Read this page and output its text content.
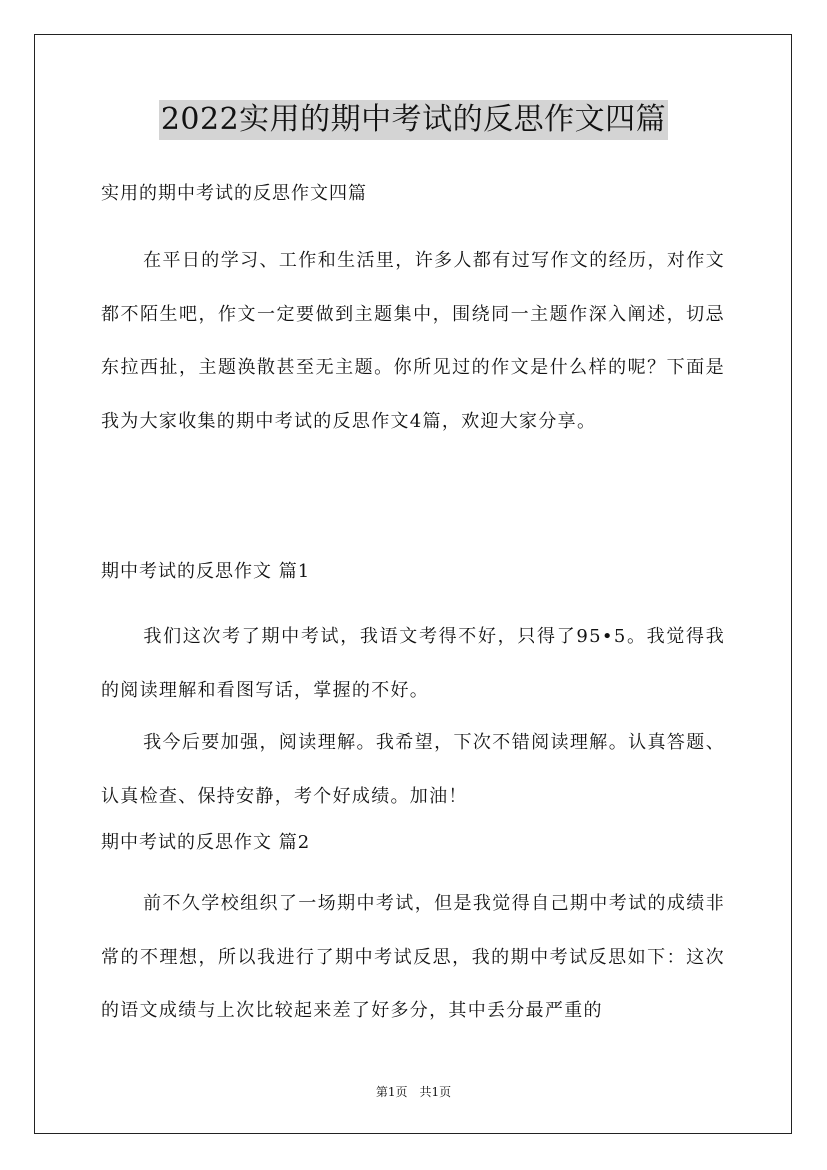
2022实用的期中考试的反思作文四篇
实用的期中考试的反思作文四篇

在平日的学习、工作和生活里，许多人都有过写作文的经历，对作文都不陌生吧，作文一定要做到主题集中，围绕同一主题作深入阐述，切忌东拉西扯，主题涣散甚至无主题。你所见过的作文是什么样的呢？下面是我为大家收集的期中考试的反思作文4篇，欢迎大家分享。

期中考试的反思作文 篇1

我们这次考了期中考试，我语文考得不好，只得了95•5。我觉得我的阅读理解和看图写话，掌握的不好。

我今后要加强，阅读理解。我希望，下次不错阅读理解。认真答题、认真检查、保持安静，考个好成绩。加油！

期中考试的反思作文 篇2

前不久学校组织了一场期中考试，但是我觉得自己期中考试的成绩非常的不理想，所以我进行了期中考试反思，我的期中考试反思如下：这次的语文成绩与上次比较起来差了好多分，其中丢分最严重的

第1页　共1页
